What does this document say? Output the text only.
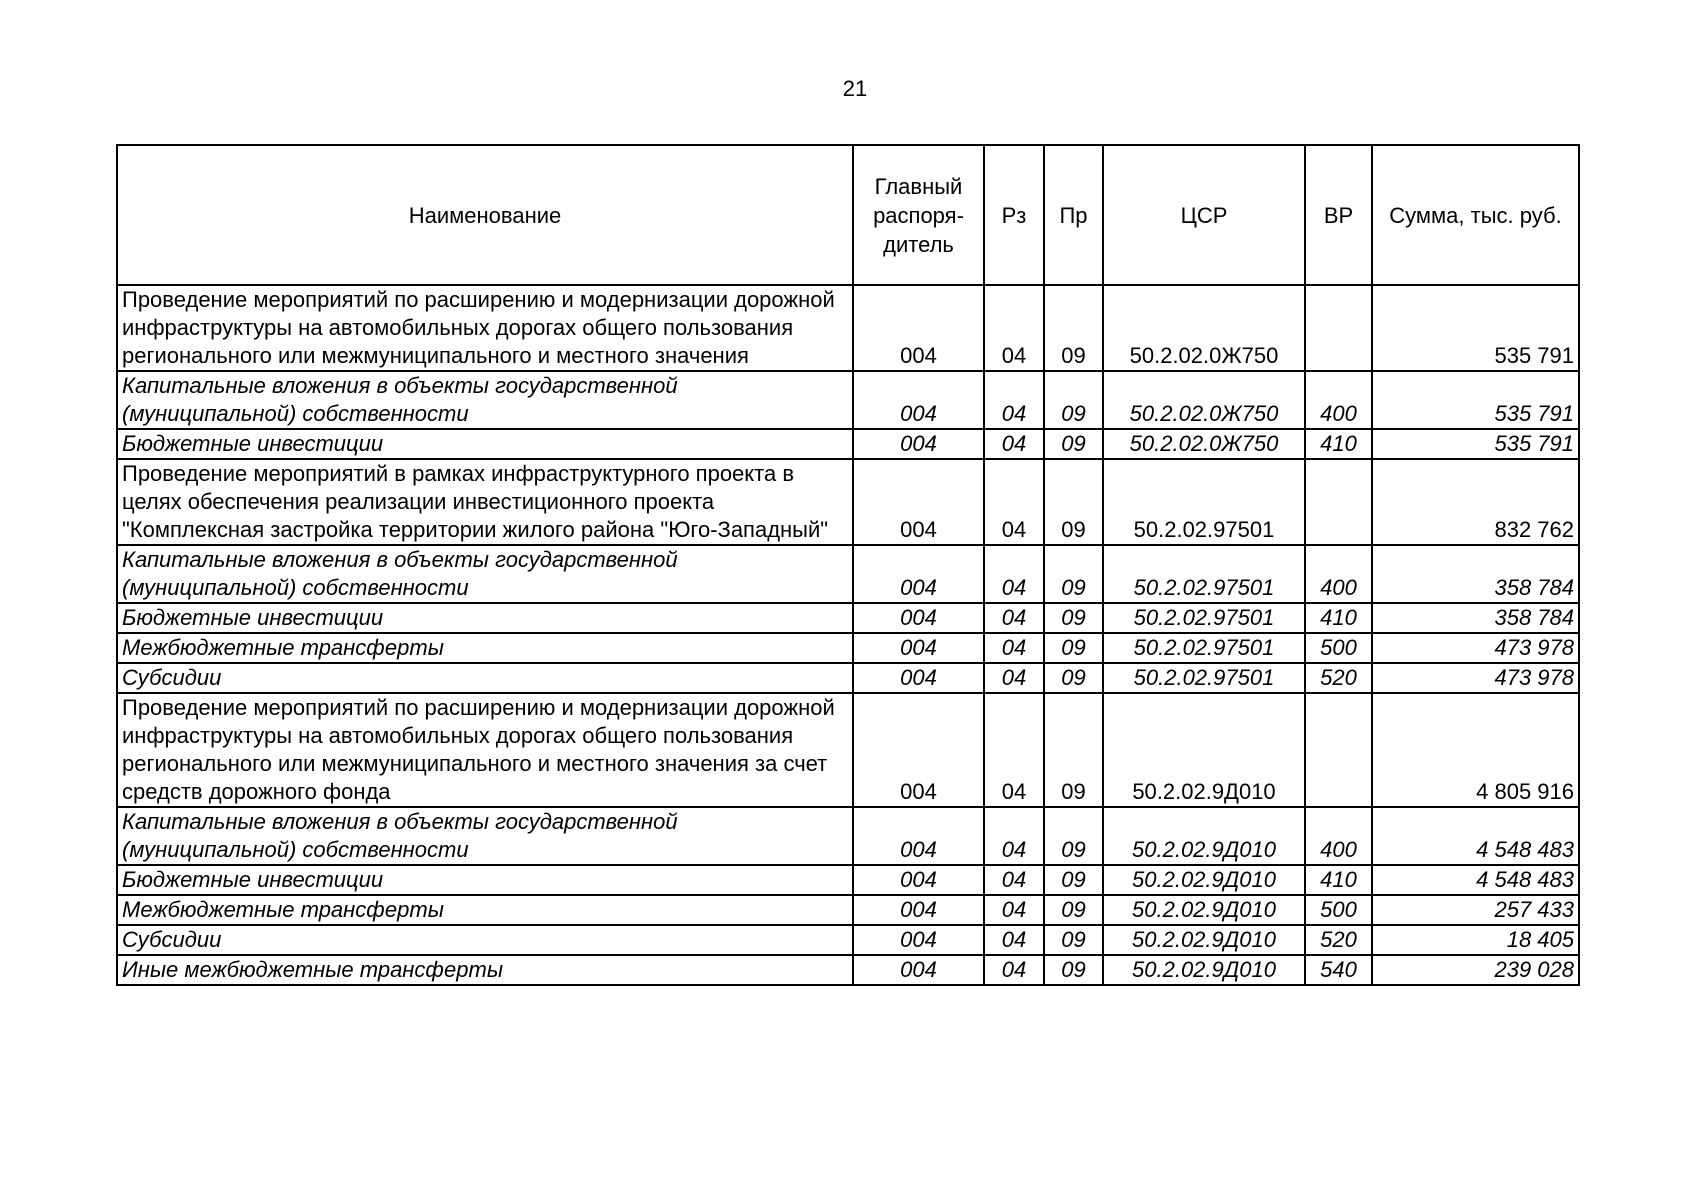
21
Наименование	Главный распоря-дитель	Рз	Пр	ЦСР	ВР	Сумма, тыс. руб.
Проведение мероприятий по расширению и модернизации дорожной инфраструктуры на автомобильных дорогах общего пользования регионального или межмуниципального и местного значения	004	04	09	50.2.02.0Ж750		535 791
Капитальные вложения в объекты государственной (муниципальной) собственности	004	04	09	50.2.02.0Ж750	400	535 791
Бюджетные инвестиции	004	04	09	50.2.02.0Ж750	410	535 791
Проведение мероприятий в рамках инфраструктурного проекта в целях обеспечения реализации инвестиционного проекта "Комплексная застройка территории жилого района "Юго-Западный"	004	04	09	50.2.02.97501		832 762
Капитальные вложения в объекты государственной (муниципальной) собственности	004	04	09	50.2.02.97501	400	358 784
Бюджетные инвестиции	004	04	09	50.2.02.97501	410	358 784
Межбюджетные трансферты	004	04	09	50.2.02.97501	500	473 978
Субсидии	004	04	09	50.2.02.97501	520	473 978
Проведение мероприятий по расширению и модернизации дорожной инфраструктуры на автомобильных дорогах общего пользования регионального или межмуниципального и местного значения за счет средств дорожного фонда	004	04	09	50.2.02.9Д010		4 805 916
Капитальные вложения в объекты государственной (муниципальной) собственности	004	04	09	50.2.02.9Д010	400	4 548 483
Бюджетные инвестиции	004	04	09	50.2.02.9Д010	410	4 548 483
Межбюджетные трансферты	004	04	09	50.2.02.9Д010	500	257 433
Субсидии	004	04	09	50.2.02.9Д010	520	18 405
Иные межбюджетные трансферты	004	04	09	50.2.02.9Д010	540	239 028
